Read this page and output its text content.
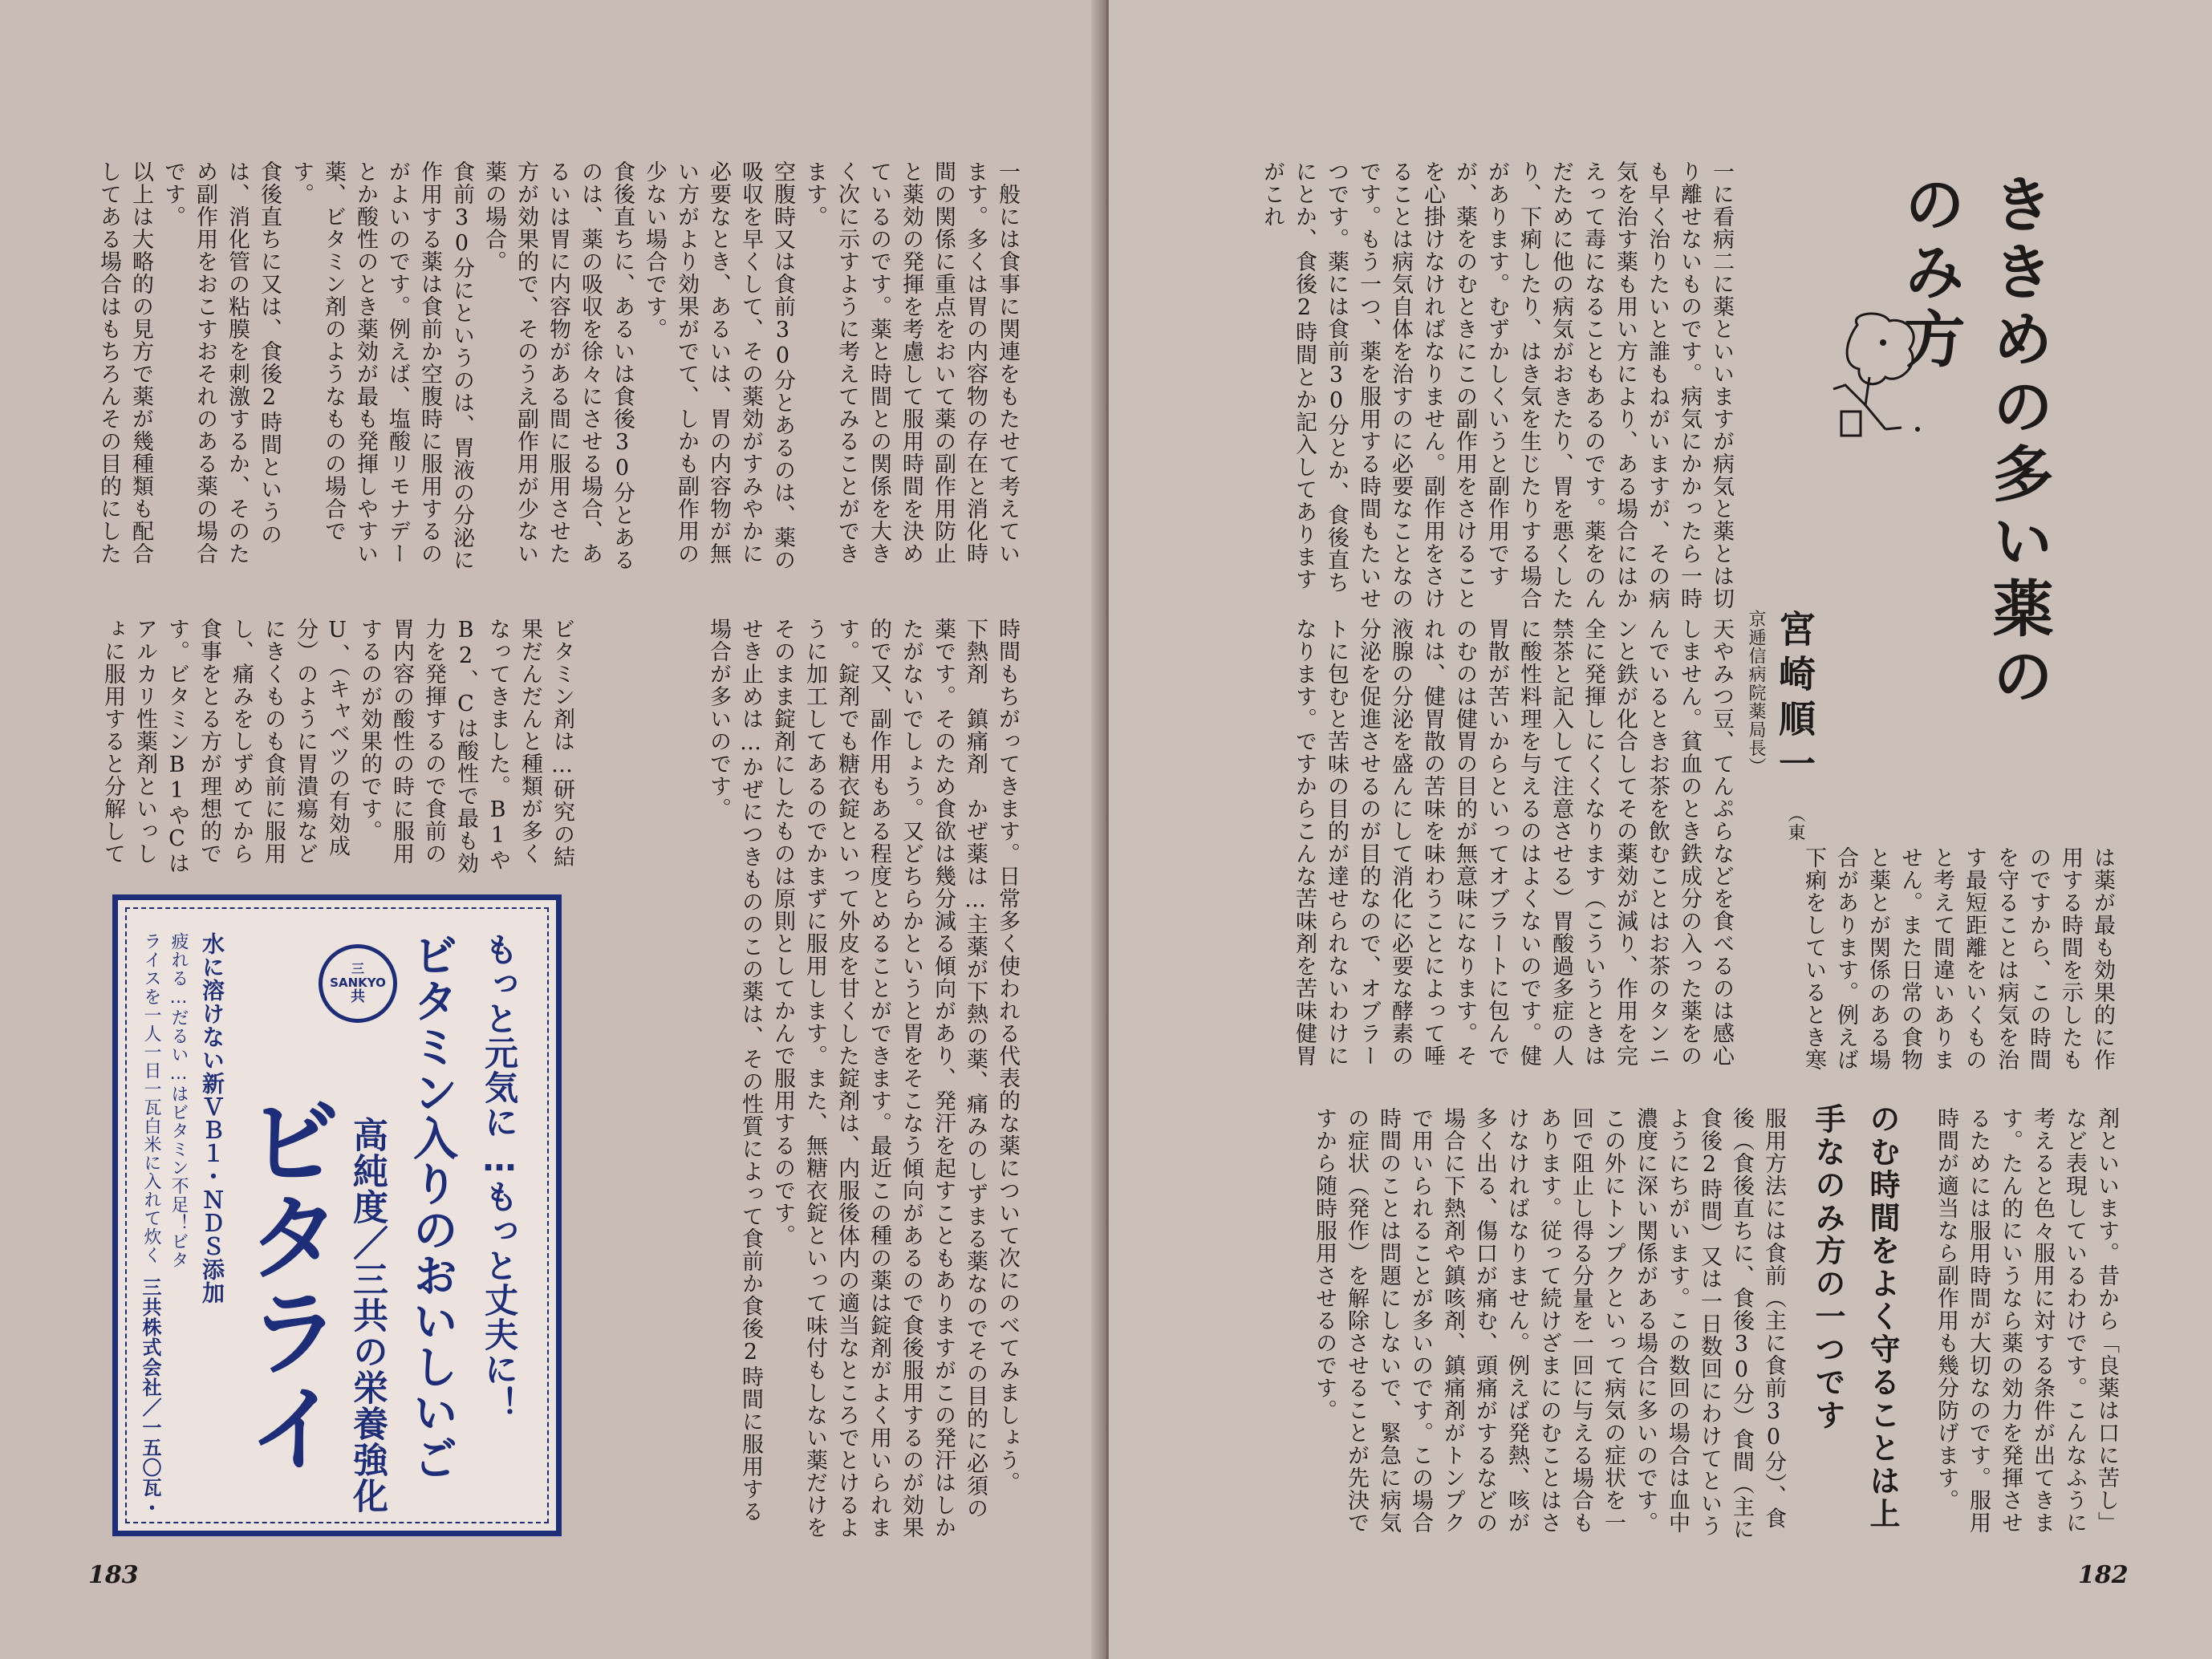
一般には食事に関連をもたせて考えています。多くは胃の内容物の存在と消化時間の関係に重点をおいて薬の副作用防止と薬効の発揮を考慮して服用時間を決めているのです。薬と時間との関係を大きく次に示すように考えてみることができます。

空腹時又は食前30分とあるのは、薬の吸収を早くして、その薬効がすみやかに必要なとき、あるいは、胃の内容物が無い方がより効果がでて、しかも副作用の少ない場合です。

食後直ちに、あるいは食後30分とあるのは、薬の吸収を徐々にさせる場合、あるいは胃に内容物がある間に服用させた方が効果的で、そのうえ副作用が少ない薬の場合。

食前30分にというのは、胃液の分泌に作用する薬は食前か空腹時に服用するのがよいのです。例えば、塩酸リモナデーとか酸性のとき薬効が最も発揮しやすい薬、ビタミン剤のようなものの場合です。

食後直ちに又は、食後2時間というのは、消化管の粘膜を刺激するか、そのため副作用をおこすおそれのある薬の場合です。

以上は大略的の見方で薬が幾種類も配合してある場合はもちろんその目的にした

時間もちがってきます。日常多く使われる代表的な薬について次にのべてみましょう。

下熱剤　鎮痛剤　かぜ薬は…主薬が下熱の薬、痛みのしずまる薬なのでその目的に必須の薬です。そのため食欲は幾分減る傾向があり、発汗を起すこともありますがこの発汗はしかたがないでしょう。又どちらかというと胃をそこなう傾向があるので食後服用するのが効果的で又、副作用もある程度とめることができます。最近この種の薬は錠剤がよく用いられます。錠剤でも糖衣錠といって外皮を甘くした錠剤は、内服後体内の適当なところでとけるように加工してあるのでかまずに服用します。また、無糖衣錠といって味付もしない薬だけをそのまま錠剤にしたものは原則としてかんで服用するのです。

せき止めは…かぜにつきもののこの薬は、その性質によって食前か食後2時間に服用する場合が多いのです。

ビタミン剤は…研究の結果だんだんと種類が多くなってきました。B1やB2、Cは酸性で最も効力を発揮するので食前の胃内容の酸性の時に服用するのが効果的です。U、（キャベツの有効成分）のように胃潰瘍などにきくものも食前に服用し、痛みをしずめてから食事をとる方が理想的です。ビタミンB1やCはアルカリ性薬剤といっしょに服用すると分解して

三
SANKYO
共	もっと元気に…もっと丈夫に！
ビタミン入りのおいしいご
高純度／三共の栄養強化
ビタライ
水に溶けない新ＶＢ１・ＮＤＳ添加
疲れる…だるい…はビタミン不足！ビタライスを一人一日一瓦白米に入れて炊く
三共株式会社／一五〇瓦・
183
ききめの多い薬ののみ方
宮崎順一 （東京逓信病院薬局長）

一に看病二に薬といいますが病気と薬とは切り離せないものです。病気にかかったら一時も早く治りたいと誰もねがいますが、その病気を治す薬も用い方により、ある場合にはかえって毒になることもあるのです。薬をのんだために他の病気がおきたり、胃を悪くしたり、下痢したり、はき気を生じたりする場合があります。むずかしくいうと副作用ですが、薬をのむときにこの副作用をさけることを心掛けなければなりません。副作用をさけることは病気自体を治すのに必要なことなのです。もう一つ、薬を服用する時間もたいせつです。薬には食前30分とか、食後直ちにとか、食後2時間とか記入してありますがこれ

天やみつ豆、てんぷらなどを食べるのは感心しません。貧血のとき鉄成分の入った薬をのんでいるときお茶を飲むことはお茶のタンニンと鉄が化合してその薬効が減り、作用を完全に発揮しにくくなります（こういうときは禁茶と記入して注意させる）胃酸過多症の人に酸性料理を与えるのはよくないのです。健胃散が苦いからといってオブラートに包んでのむのは健胃の目的が無意味になります。それは、健胃散の苦味を味わうことによって唾液腺の分泌を盛んにして消化に必要な酵素の分泌を促進させるのが目的なので、オブラートに包むと苦味の目的が達せられないわけになります。ですからこんな苦味剤を苦味健胃	は薬が最も効果的に作用する時間を示したものですから、この時間を守ることは病気を治す最短距離をいくものと考えて間違いありません。また日常の食物と薬とが関係のある場合があります。例えば下痢をしているとき寒

剤といいます。昔から「良薬は口に苦し」など表現しているわけです。こんなふうに考えると色々服用に対する条件が出てきます。たん的にいうなら薬の効力を発揮させるためには服用時間が大切なのです。服用時間が適当なら副作用も幾分防げます。

のむ時間をよく守ることは上手なのみ方の一つです

服用方法には食前（主に食前30分）、食後（食後直ちに、食後30分）食間（主に食後2時間）又は一日数回にわけてというようにちがいます。この数回の場合は血中濃度に深い関係がある場合に多いのです。この外にトンプクといって病気の症状を一回で阻止し得る分量を一回に与える場合もあります。従って続けざまにのむことはさけなければなりません。例えば発熱、咳が多く出る、傷口が痛む、頭痛がするなどの場合に下熱剤や鎮咳剤、鎮痛剤がトンプクで用いられることが多いのです。この場合時間のことは問題にしないで、緊急に病気の症状（発作）を解除させることが先決ですから随時服用させるのです。

182
